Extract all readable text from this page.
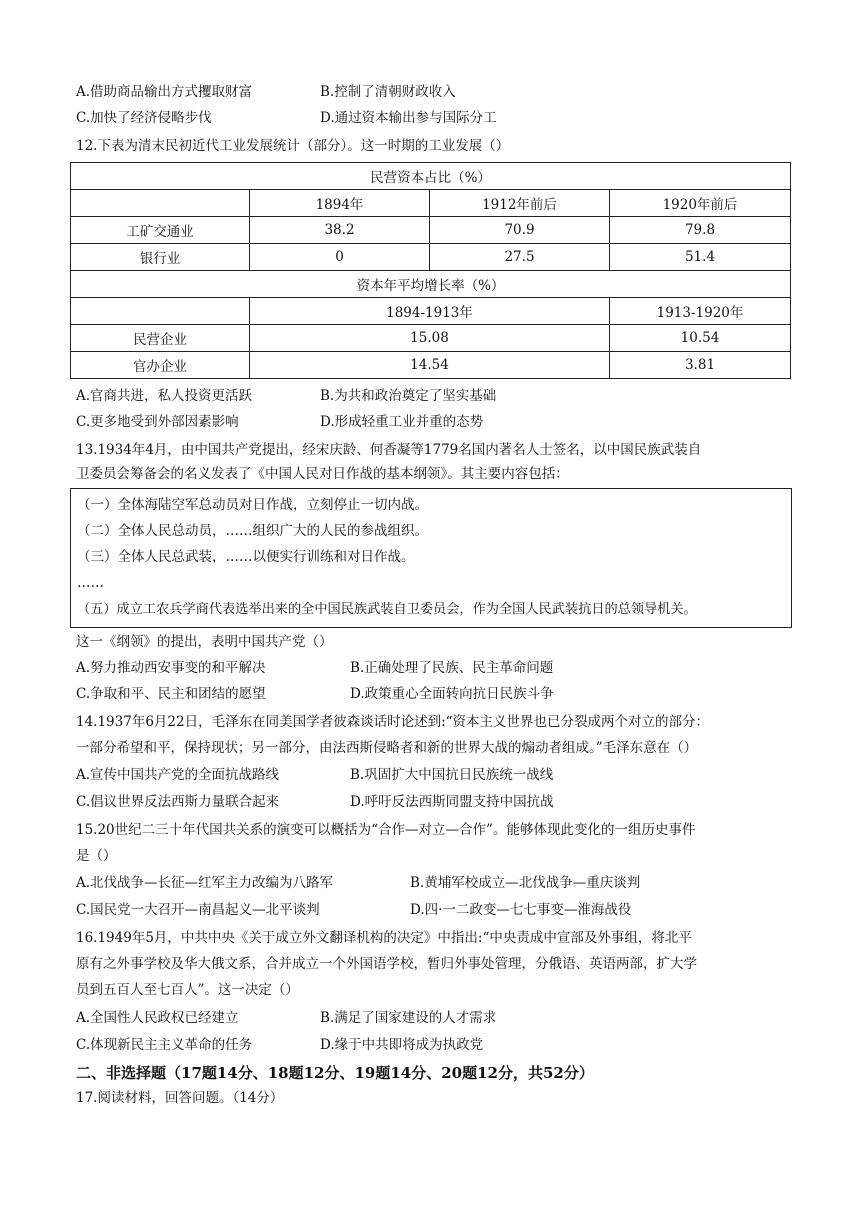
A.借助商品输出方式攫取财富	B.控制了清朝财政收入
C.加快了经济侵略步伐	D.通过资本输出参与国际分工
12.下表为清末民初近代工业发展统计（部分）。这一时期的工业发展（）
民营资本占比（%）			
	1894年	1912年前后	1920年前后
工矿交通业	38.2	70.9	79.8
银行业	0	27.5	51.4
资本年平均增长率（%）			
	1894-1913年		1913-1920年
民营企业	15.08		10.54
官办企业	14.54		3.81
A.官商共进，私人投资更活跃	B.为共和政治奠定了坚实基础
C.更多地受到外部因素影响	D.形成轻重工业并重的态势
13.1934年4月，由中国共产党提出，经宋庆龄、何香凝等1779名国内著名人士签名，以中国民族武装自
卫委员会筹备会的名义发表了《中国人民对日作战的基本纲领》。其主要内容包括：
（一）全体海陆空军总动员对日作战，立刻停止一切内战。
（二）全体人民总动员，……组织广大的人民的参战组织。
（三）全体人民总武装，……以便实行训练和对日作战。
……
（五）成立工农兵学商代表选举出来的全中国民族武装自卫委员会，作为全国人民武装抗日的总领导机关。
这一《纲领》的提出，表明中国共产党（）
A.努力推动西安事变的和平解决	B.正确处理了民族、民主革命问题
C.争取和平、民主和团结的愿望	D.政策重心全面转向抗日民族斗争
14.1937年6月22日，毛泽东在同美国学者彼森谈话时论述到:“资本主义世界也已分裂成两个对立的部分：
一部分希望和平，保持现状；另一部分，由法西斯侵略者和新的世界大战的煽动者组成。”毛泽东意在（）
A.宣传中国共产党的全面抗战路线	B.巩固扩大中国抗日民族统一战线
C.倡议世界反法西斯力量联合起来	D.呼吁反法西斯同盟支持中国抗战
15.20世纪二三十年代国共关系的演变可以概括为“合作—对立—合作”。能够体现此变化的一组历史事件
是（）
A.北伐战争—长征—红军主力改编为八路军	B.黄埔军校成立—北伐战争—重庆谈判
C.国民党一大召开—南昌起义—北平谈判	D.四·一二政变—七七事变—淮海战役
16.1949年5月，中共中央《关于成立外文翻译机构的决定》中指出:“中央责成中宣部及外事组，将北平
原有之外事学校及华大俄文系，合并成立一个外国语学校，暂归外事处管理，分俄语、英语两部，扩大学
员到五百人至七百人”。这一决定（）
A.全国性人民政权已经建立	B.满足了国家建设的人才需求
C.体现新民主主义革命的任务	D.缘于中共即将成为执政党
二、非选择题（17题14分、18题12分、19题14分、20题12分，共52分）
17.阅读材料，回答问题。（14分）
